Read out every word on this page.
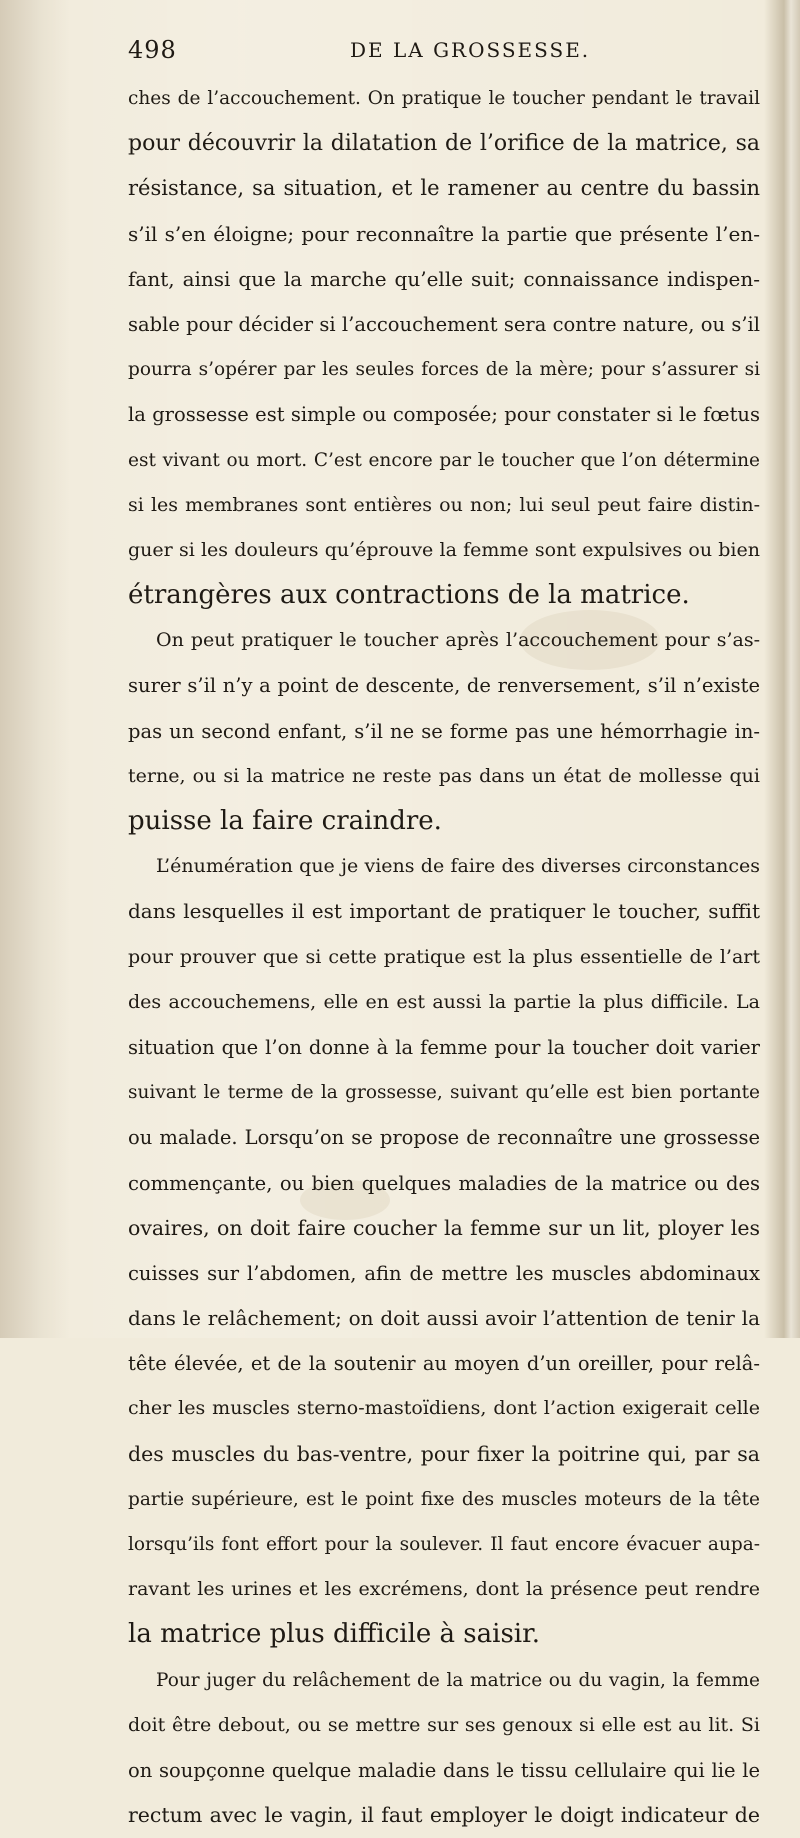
498	DE LA GROSSESSE.
ches de l’accouchement. On pratique le toucher pendant le travail
pour découvrir la dilatation de l’orifice de la matrice, sa
résistance, sa situation, et le ramener au centre du bassin
s’il s’en éloigne; pour reconnaître la partie que présente l’en-
fant, ainsi que la marche qu’elle suit; connaissance indispen-
sable pour décider si l’accouchement sera contre nature, ou s’il
pourra s’opérer par les seules forces de la mère; pour s’assurer si
la grossesse est simple ou composée; pour constater si le fœtus
est vivant ou mort. C’est encore par le toucher que l’on détermine
si les membranes sont entières ou non; lui seul peut faire distin-
guer si les douleurs qu’éprouve la femme sont expulsives ou bien
étrangères aux contractions de la matrice.
On peut pratiquer le toucher après l’accouchement pour s’as-
surer s’il n’y a point de descente, de renversement, s’il n’existe
pas un second enfant, s’il ne se forme pas une hémorrhagie in-
terne, ou si la matrice ne reste pas dans un état de mollesse qui
puisse la faire craindre.
L’énumération que je viens de faire des diverses circonstances
dans lesquelles il est important de pratiquer le toucher, suffit
pour prouver que si cette pratique est la plus essentielle de l’art
des accouchemens, elle en est aussi la partie la plus difficile. La
situation que l’on donne à la femme pour la toucher doit varier
suivant le terme de la grossesse, suivant qu’elle est bien portante
ou malade. Lorsqu’on se propose de reconnaître une grossesse
commençante, ou bien quelques maladies de la matrice ou des
ovaires, on doit faire coucher la femme sur un lit, ployer les
cuisses sur l’abdomen, afin de mettre les muscles abdominaux
dans le relâchement; on doit aussi avoir l’attention de tenir la
tête élevée, et de la soutenir au moyen d’un oreiller, pour relâ-
cher les muscles sterno-mastoïdiens, dont l’action exigerait celle
des muscles du bas-ventre, pour fixer la poitrine qui, par sa
partie supérieure, est le point fixe des muscles moteurs de la tête
lorsqu’ils font effort pour la soulever. Il faut encore évacuer aupa-
ravant les urines et les excrémens, dont la présence peut rendre
la matrice plus difficile à saisir.
Pour juger du relâchement de la matrice ou du vagin, la femme
doit être debout, ou se mettre sur ses genoux si elle est au lit. Si
on soupçonne quelque maladie dans le tissu cellulaire qui lie le
rectum avec le vagin, il faut employer le doigt indicateur de
